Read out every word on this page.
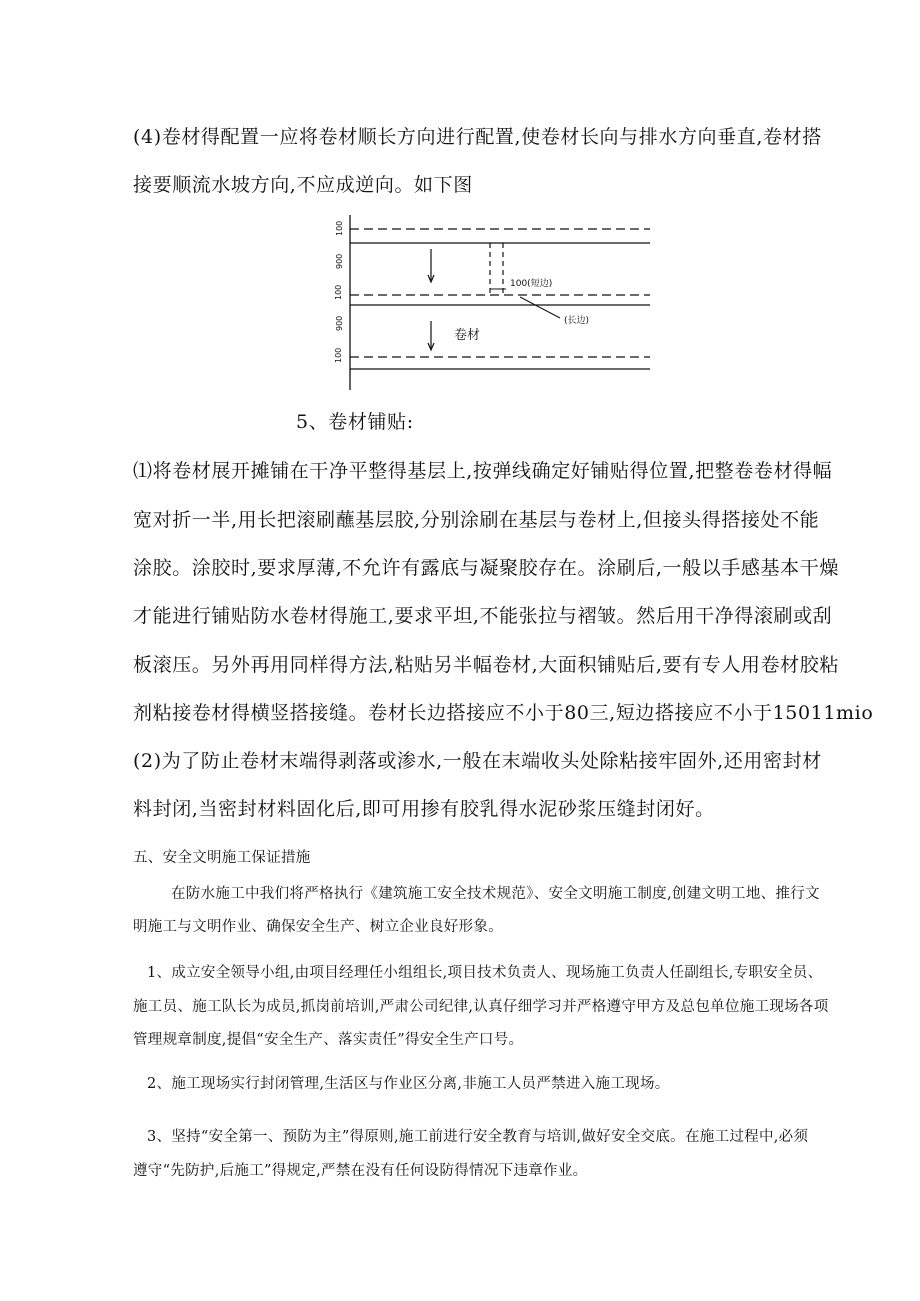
(4)卷材得配置一应将卷材顺长方向进行配置,使卷材长向与排水方向垂直,卷材搭

接要顺流水坡方向,不应成逆向。如下图

100
900
100
900
100
100(短边)
(长边)
卷材

5、卷材铺贴:

⑴将卷材展开摊铺在干净平整得基层上,按弹线确定好铺贴得位置,把整卷卷材得幅

宽对折一半,用长把滚刷蘸基层胶,分别涂刷在基层与卷材上,但接头得搭接处不能

涂胶。涂胶时,要求厚薄,不允许有露底与凝聚胶存在。涂刷后,一般以手感基本干燥

才能进行铺贴防水卷材得施工,要求平坦,不能张拉与褶皱。然后用干净得滚刷或刮

板滚压。另外再用同样得方法,粘贴另半幅卷材,大面积铺贴后,要有专人用卷材胶粘

剂粘接卷材得横竖搭接缝。卷材长边搭接应不小于80三,短边搭接应不小于15011mio

(2)为了防止卷材末端得剥落或渗水,一般在末端收头处除粘接牢固外,还用密封材

料封闭,当密封材料固化后,即可用掺有胶乳得水泥砂浆压缝封闭好。

五、安全文明施工保证措施

在防水施工中我们将严格执行《建筑施工安全技术规范》、安全文明施工制度,创建文明工地、推行文

明施工与文明作业、确保安全生产、树立企业良好形象。

1、成立安全领导小组,由项目经理任小组组长,项目技术负责人、现场施工负责人任副组长,专职安全员、

施工员、施工队长为成员,抓岗前培训,严肃公司纪律,认真仔细学习并严格遵守甲方及总包单位施工现场各项

管理规章制度,提倡“安全生产、落实责任”得安全生产口号。

2、施工现场实行封闭管理,生活区与作业区分离,非施工人员严禁进入施工现场。

3、坚持“安全第一、预防为主”得原则,施工前进行安全教育与培训,做好安全交底。在施工过程中,必须

遵守“先防护,后施工”得规定,严禁在没有任何设防得情况下违章作业。
